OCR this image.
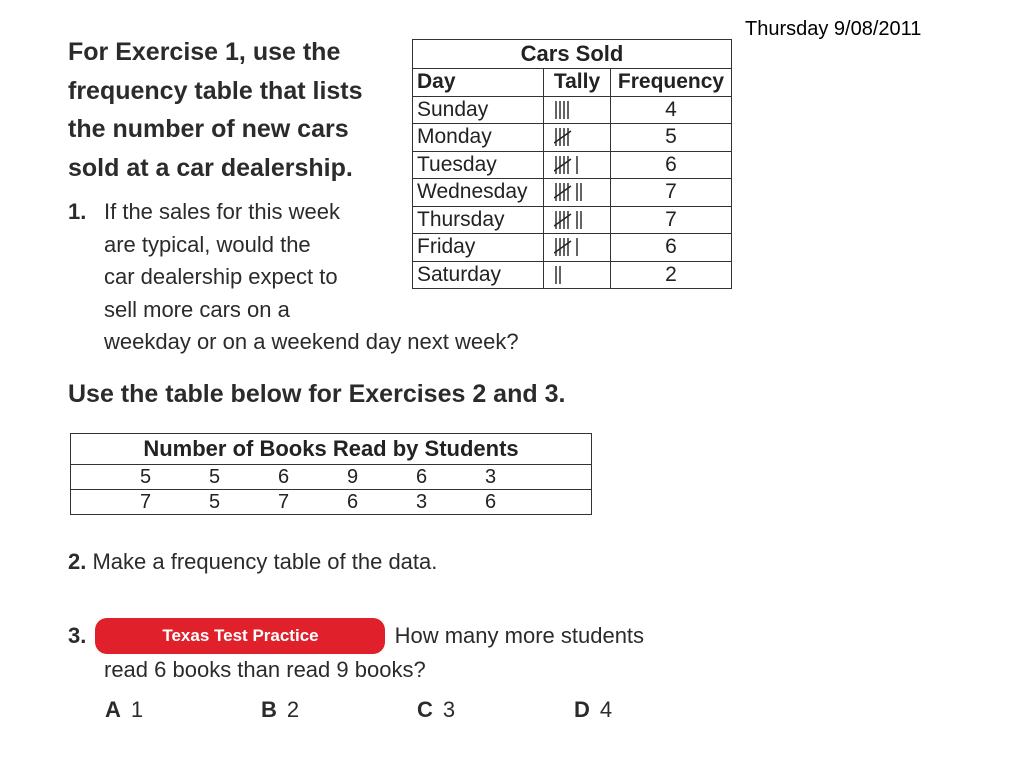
Thursday 9/08/2011
For Exercise 1, use the
frequency table that lists
the number of new cars
sold at a car dealership.
1. If the sales for this week
are typical, would the
car dealership expect to
sell more cars on a
weekday or on a weekend day next week?
Cars Sold		
Day	Tally	Frequency
Sunday		4
Monday		5
Tuesday		6
Wednesday		7
Thursday		7
Friday		6
Saturday		2
Use the table below for Exercises 2 and 3.
Number of Books Read by Students							
	5	5	6	9	6	3	
	7	5	7	6	3	6	
2. Make a frequency table of the data.
3.	Texas Test Practice	How many more students
read 6 books than read 9 books?
A 1	B 2	C 3	D 4
